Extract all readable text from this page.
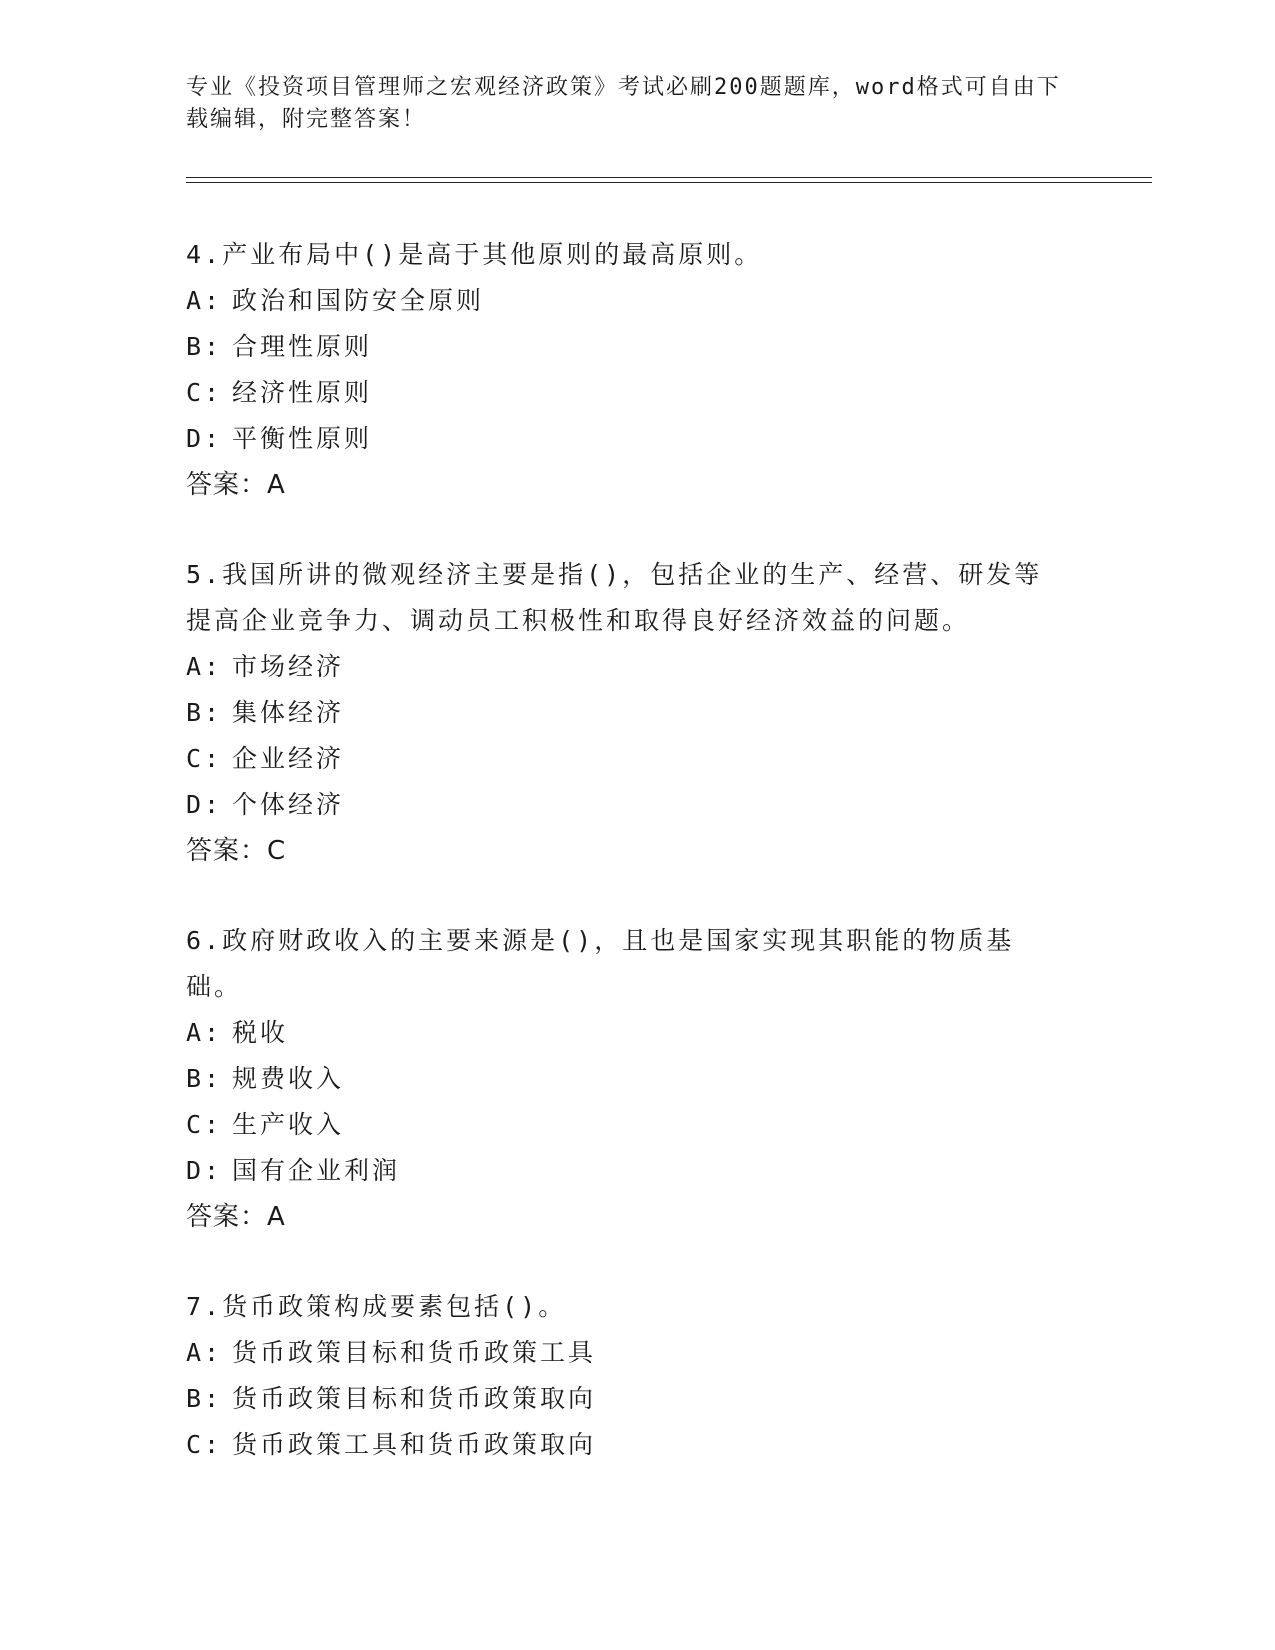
专业《投资项目管理师之宏观经济政策》考试必刷200题题库，word格式可自由下载编辑，附完整答案！
4.产业布局中()是高于其他原则的最高原则。
A: 政治和国防安全原则
B: 合理性原则
C: 经济性原则
D: 平衡性原则
答案：A
5.我国所讲的微观经济主要是指()，包括企业的生产、经营、研发等提高企业竞争力、调动员工积极性和取得良好经济效益的问题。
A: 市场经济
B: 集体经济
C: 企业经济
D: 个体经济
答案：C
6.政府财政收入的主要来源是()，且也是国家实现其职能的物质基础。
A: 税收
B: 规费收入
C: 生产收入
D: 国有企业利润
答案：A
7.货币政策构成要素包括()。
A: 货币政策目标和货币政策工具
B: 货币政策目标和货币政策取向
C: 货币政策工具和货币政策取向
